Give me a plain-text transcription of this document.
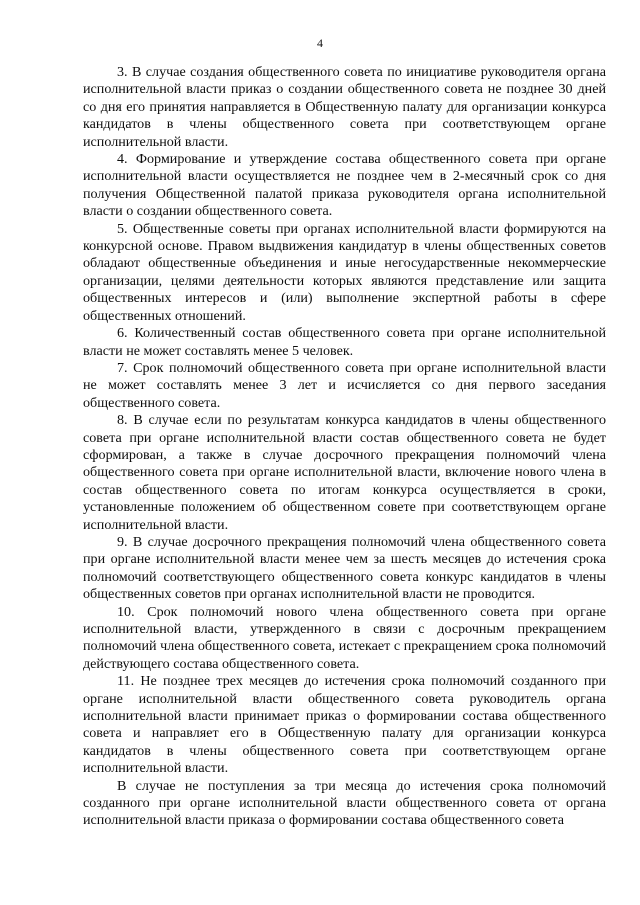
4

3. В случае создания общественного совета по инициативе руководителя органа исполнительной власти приказ о создании общественного совета не позднее 30 дней со дня его принятия направляется в Общественную палату для организации конкурса кандидатов в члены общественного совета при соответствующем органе исполнительной власти.

4. Формирование и утверждение состава общественного совета при органе исполнительной власти осуществляется не позднее чем в 2-месячный срок со дня получения Общественной палатой приказа руководителя органа исполнительной власти о создании общественного совета.

5. Общественные советы при органах исполнительной власти формируются на конкурсной основе. Правом выдвижения кандидатур в члены общественных советов обладают общественные объединения и иные негосударственные некоммерческие организации, целями деятельности которых являются представление или защита общественных интересов и (или) выполнение экспертной работы в сфере общественных отношений.

6. Количественный состав общественного совета при органе исполнительной власти не может составлять менее 5 человек.

7. Срок полномочий общественного совета при органе исполнительной власти не может составлять менее 3 лет и исчисляется со дня первого заседания общественного совета.

8. В случае если по результатам конкурса кандидатов в члены общественного совета при органе исполнительной власти состав общественного совета не будет сформирован, а также в случае досрочного прекращения полномочий члена общественного совета при органе исполнительной власти, включение нового члена в состав общественного совета по итогам конкурса осуществляется в сроки, установленные положением об общественном совете при соответствующем органе исполнительной власти.

9. В случае досрочного прекращения полномочий члена общественного совета при органе исполнительной власти менее чем за шесть месяцев до истечения срока полномочий соответствующего общественного совета конкурс кандидатов в члены общественных советов при органах исполнительной власти не проводится.

10. Срок полномочий нового члена общественного совета при органе исполнительной власти, утвержденного в связи с досрочным прекращением полномочий члена общественного совета, истекает с прекращением срока полномочий действующего состава общественного совета.

11. Не позднее трех месяцев до истечения срока полномочий созданного при органе исполнительной власти общественного совета руководитель органа исполнительной власти принимает приказ о формировании состава общественного совета и направляет его в Общественную палату для организации конкурса кандидатов в члены общественного совета при соответствующем органе исполнительной власти.

В случае не поступления за три месяца до истечения срока полномочий созданного при органе исполнительной власти общественного совета от органа исполнительной власти приказа о формировании состава общественного совета
